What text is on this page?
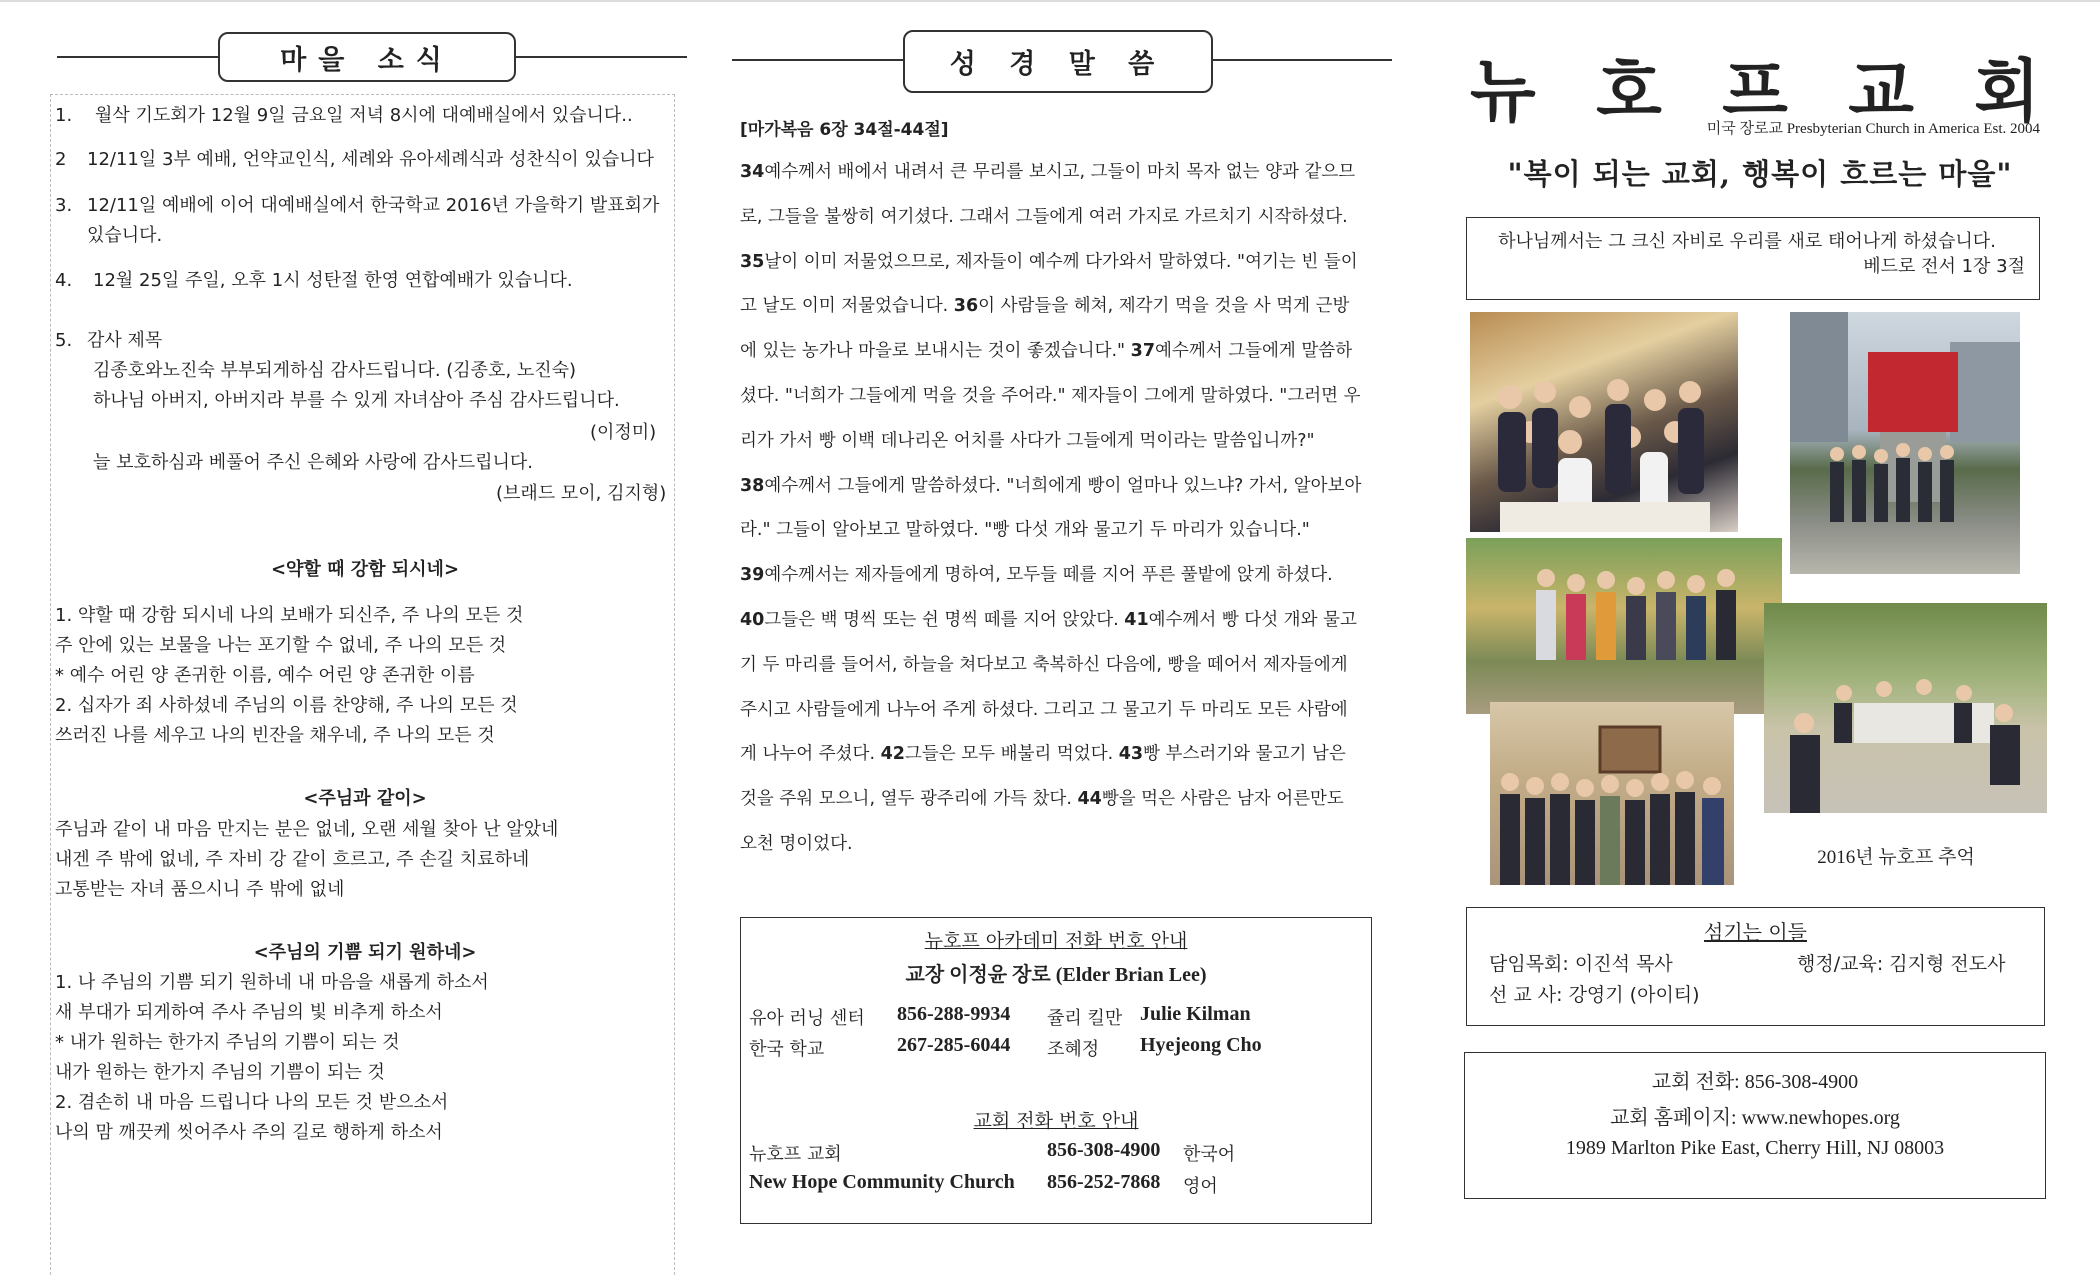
마을 소식
1. 월삭 기도회가 12월 9일 금요일 저녁 8시에 대예배실에서 있습니다..
2 12/11일 3부 예배, 언약교인식, 세례와 유아세례식과 성찬식이 있습니다
3. 12/11일 예배에 이어 대예배실에서 한국학교 2016년 가을학기 발표회가
있습니다.
4. 12월 25일 주일, 오후 1시 성탄절 한영 연합예배가 있습니다.
5. 감사 제목
김종호와노진숙 부부되게하심 감사드립니다. (김종호, 노진숙)
하나님 아버지, 아버지라 부를 수 있게 자녀삼아 주심 감사드립니다.
(이정미)
늘 보호하심과 베풀어 주신 은혜와 사랑에 감사드립니다.
(브래드 모이, 김지형)
<약할 때 강함 되시네>
1. 약할 때 강함 되시네 나의 보배가 되신주, 주 나의 모든 것
주 안에 있는 보물을 나는 포기할 수 없네, 주 나의 모든 것
* 예수 어린 양 존귀한 이름, 예수 어린 양 존귀한 이름
2. 십자가 죄 사하셨네 주님의 이름 찬양해, 주 나의 모든 것
쓰러진 나를 세우고 나의 빈잔을 채우네, 주 나의 모든 것
<주님과 같이>
주님과 같이 내 마음 만지는 분은 없네, 오랜 세월 찾아 난 알았네
내겐 주 밖에 없네, 주 자비 강 같이 흐르고, 주 손길 치료하네
고통받는 자녀 품으시니 주 밖에 없네
<주님의 기쁨 되기 원하네>
1. 나 주님의 기쁨 되기 원하네 내 마음을 새롭게 하소서
새 부대가 되게하여 주사 주님의 빛 비추게 하소서
* 내가 원하는 한가지 주님의 기쁨이 되는 것
내가 원하는 한가지 주님의 기쁨이 되는 것
2. 겸손히 내 마음 드립니다 나의 모든 것 받으소서
나의 맘 깨끗케 씻어주사 주의 길로 행하게 하소서
성 경 말 씀
[마가복음 6장 34절-44절]
34예수께서 배에서 내려서 큰 무리를 보시고, 그들이 마치 목자 없는 양과 같으므
로, 그들을 불쌍히 여기셨다. 그래서 그들에게 여러 가지로 가르치기 시작하셨다.
35날이 이미 저물었으므로, 제자들이 예수께 다가와서 말하였다. "여기는 빈 들이
고 날도 이미 저물었습니다. 36이 사람들을 헤쳐, 제각기 먹을 것을 사 먹게 근방
에 있는 농가나 마을로 보내시는 것이 좋겠습니다." 37예수께서 그들에게 말씀하
셨다. "너희가 그들에게 먹을 것을 주어라." 제자들이 그에게 말하였다. "그러면 우
리가 가서 빵 이백 데나리온 어치를 사다가 그들에게 먹이라는 말씀입니까?"
38예수께서 그들에게 말씀하셨다. "너희에게 빵이 얼마나 있느냐? 가서, 알아보아
라." 그들이 알아보고 말하였다. "빵 다섯 개와 물고기 두 마리가 있습니다."
39예수께서는 제자들에게 명하여, 모두들 떼를 지어 푸른 풀밭에 앉게 하셨다.
40그들은 백 명씩 또는 쉰 명씩 떼를 지어 앉았다. 41예수께서 빵 다섯 개와 물고
기 두 마리를 들어서, 하늘을 쳐다보고 축복하신 다음에, 빵을 떼어서 제자들에게
주시고 사람들에게 나누어 주게 하셨다. 그리고 그 물고기 두 마리도 모든 사람에
게 나누어 주셨다. 42그들은 모두 배불리 먹었다. 43빵 부스러기와 물고기 남은
것을 주워 모으니, 열두 광주리에 가득 찼다. 44빵을 먹은 사람은 남자 어른만도
오천 명이었다.
뉴호프 아카데미 전화 번호 안내
교장 이정윤 장로 (Elder Brian Lee)
유아 러닝 센터 856-288-9934 쥴리 킬만 Julie Kilman
한국 학교	267-285-6044 조혜정 Hyejeong Cho
교회 전화 번호 안내
뉴호프 교회	856-308-4900 한국어
New Hope Community Church 856-252-7868 영어
뉴 호 프 교 회
미국 장로교 Presbyterian Church in America Est. 2004
"복이 되는 교회, 행복이 흐르는 마을"
하나님께서는 그 크신 자비로 우리를 새로 태어나게 하셨습니다.
베드로 전서 1장 3절
2016년 뉴호프 추억
섬기는 이들
담임목회: 이진석 목사	행정/교육: 김지형 전도사
선 교 사: 강영기 (아이티)
교회 전화: 856-308-4900
교회 홈페이지: www.newhopes.org
1989 Marlton Pike East, Cherry Hill, NJ 08003
